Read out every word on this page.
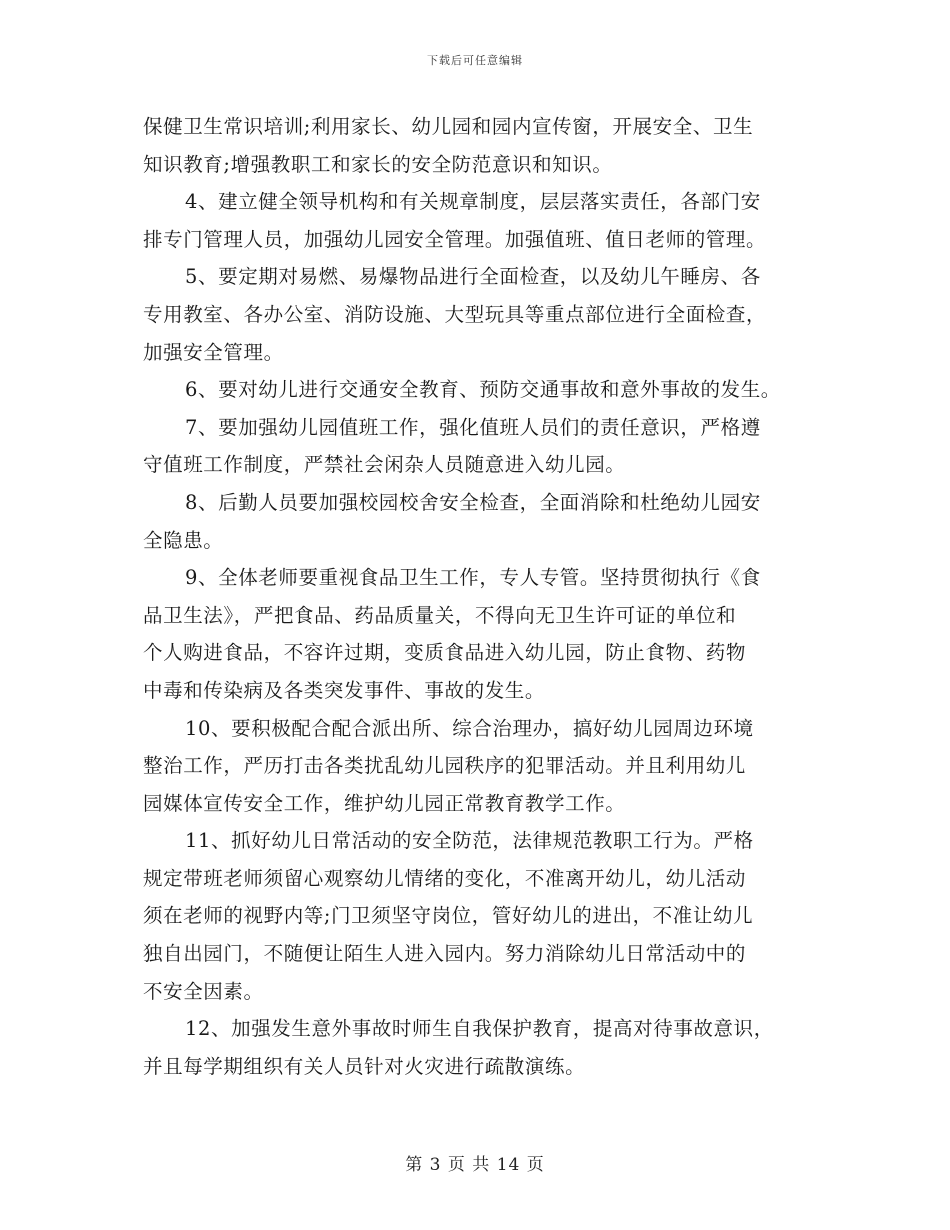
下载后可任意编辑
保健卫生常识培训;利用家长、幼儿园和园内宣传窗，开展安全、卫生
知识教育;增强教职工和家长的安全防范意识和知识。
4、建立健全领导机构和有关规章制度，层层落实责任，各部门安
排专门管理人员，加强幼儿园安全管理。加强值班、值日老师的管理。
5、要定期对易燃、易爆物品进行全面检查，以及幼儿午睡房、各
专用教室、各办公室、消防设施、大型玩具等重点部位进行全面检查，
加强安全管理。
6、要对幼儿进行交通安全教育、预防交通事故和意外事故的发生。
7、要加强幼儿园值班工作，强化值班人员们的责任意识，严格遵
守值班工作制度，严禁社会闲杂人员随意进入幼儿园。
8、后勤人员要加强校园校舍安全检查，全面消除和杜绝幼儿园安
全隐患。
9、全体老师要重视食品卫生工作，专人专管。坚持贯彻执行《食
品卫生法》，严把食品、药品质量关，不得向无卫生许可证的单位和
个人购进食品，不容许过期，变质食品进入幼儿园，防止食物、药物
中毒和传染病及各类突发事件、事故的发生。
10、要积极配合配合派出所、综合治理办，搞好幼儿园周边环境
整治工作，严历打击各类扰乱幼儿园秩序的犯罪活动。并且利用幼儿
园媒体宣传安全工作，维护幼儿园正常教育教学工作。
11、抓好幼儿日常活动的安全防范，法律规范教职工行为。严格
规定带班老师须留心观察幼儿情绪的变化，不准离开幼儿，幼儿活动
须在老师的视野内等;门卫须坚守岗位，管好幼儿的进出，不准让幼儿
独自出园门，不随便让陌生人进入园内。努力消除幼儿日常活动中的
不安全因素。
12、加强发生意外事故时师生自我保护教育，提高对待事故意识，
并且每学期组织有关人员针对火灾进行疏散演练。
第 3 页 共 14 页
